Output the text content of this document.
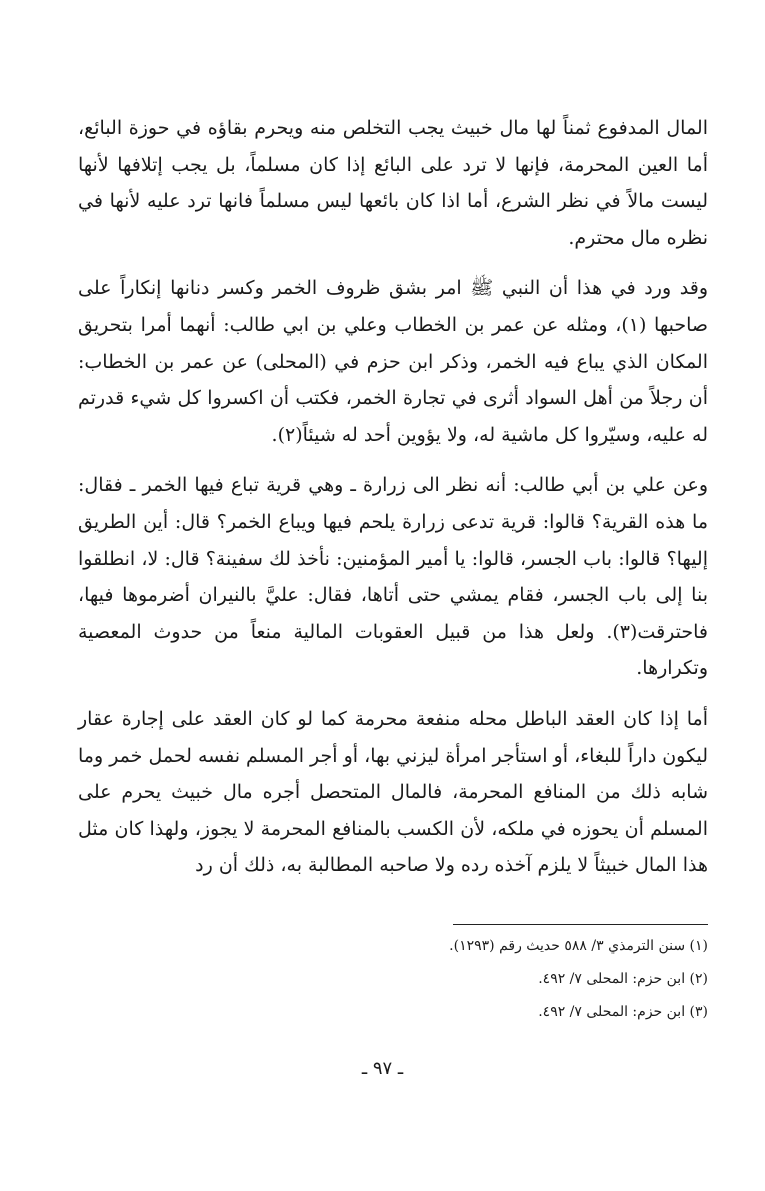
المال المدفوع ثمناً لها مال خبيث يجب التخلص منه ويحرم بقاؤه في حوزة البائع، أما العين المحرمة، فإنها لا ترد على البائع إذا كان مسلماً، بل يجب إتلافها لأنها ليست مالاً في نظر الشرع، أما اذا كان بائعها ليس مسلماً فانها ترد عليه لأنها في نظره مال محترم.

وقد ورد في هذا أن النبي ﷺ امر بشق ظروف الخمر وكسر دنانها إنكاراً على صاحبها (١)، ومثله عن عمر بن الخطاب وعلي بن ابي طالب: أنهما أمرا بتحريق المكان الذي يباع فيه الخمر، وذكر ابن حزم في (المحلى) عن عمر بن الخطاب: أن رجلاً من أهل السواد أثرى في تجارة الخمر، فكتب أن اكسروا كل شيء قدرتم له عليه، وسيّروا كل ماشية له، ولا يؤوين أحد له شيئاً(٢).

وعن علي بن أبي طالب: أنه نظر الى زرارة ـ وهي قرية تباع فيها الخمر ـ فقال: ما هذه القرية؟ قالوا: قرية تدعى زرارة يلحم فيها ويباع الخمر؟ قال: أين الطريق إليها؟ قالوا: باب الجسر، قالوا: يا أمير المؤمنين: نأخذ لك سفينة؟ قال: لا، انطلقوا بنا إلى باب الجسر، فقام يمشي حتى أتاها، فقال: عليَّ بالنيران أضرموها فيها، فاحترقت(٣). ولعل هذا من قبيل العقوبات المالية منعاً من حدوث المعصية وتكرارها.

أما إذا كان العقد الباطل محله منفعة محرمة كما لو كان العقد على إجارة عقار ليكون داراً للبغاء، أو استأجر امرأة ليزني بها، أو أجر المسلم نفسه لحمل خمر وما شابه ذلك من المنافع المحرمة، فالمال المتحصل أجره مال خبيث يحرم على المسلم أن يحوزه في ملكه، لأن الكسب بالمنافع المحرمة لا يجوز، ولهذا كان مثل هذا المال خبيثاً لا يلزم آخذه رده ولا صاحبه المطالبة به، ذلك أن رد

(١) سنن الترمذي ٣/ ٥٨٨ حديث رقم (١٢٩٣).

(٢) ابن حزم: المحلى ٧/ ٤٩٢.

(٣) ابن حزم: المحلى ٧/ ٤٩٢.

ـ ٩٧ ـ
